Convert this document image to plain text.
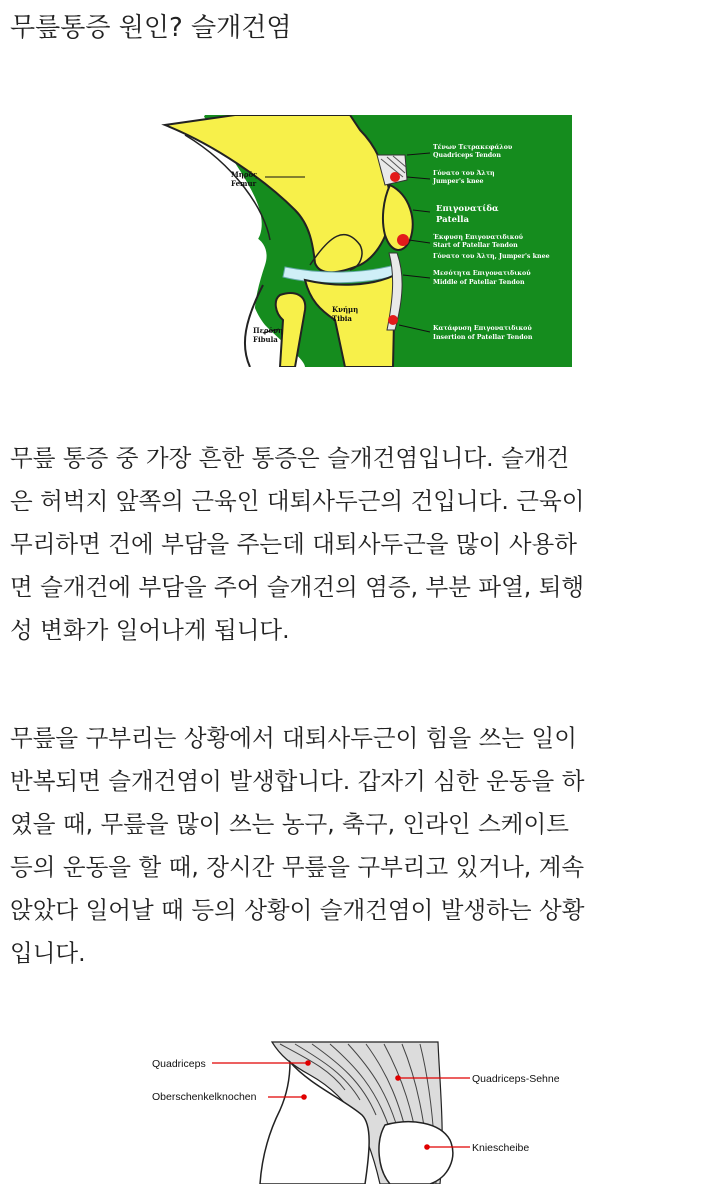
무릎통증 원인? 슬개건염
Μηρός
Femur
Κνήμη
Tibia
Περόνη
Fibula
Τένων Τετρακεφάλου
Quadriceps Tendon
Γόνατο του Άλτη
Jumper's knee
Έκφυση Επιγονατιδικού
Start of Patellar Tendon
Γόνατο του Άλτη, Jumper's knee
Μεσότητα Επιγονατιδικού
Middle of Patellar Tendon
Κατάφυση Επιγονατιδικού
Insertion of Patellar Tendon
Επιγονατίδα
Patella
무릎 통증 중 가장 흔한 통증은 슬개건염입니다. 슬개건
은 허벅지 앞쪽의 근육인 대퇴사두근의 건입니다. 근육이
무리하면 건에 부담을 주는데 대퇴사두근을 많이 사용하
면 슬개건에 부담을 주어 슬개건의 염증, 부분 파열, 퇴행
성 변화가 일어나게 됩니다.
무릎을 구부리는 상황에서 대퇴사두근이 힘을 쓰는 일이
반복되면 슬개건염이 발생합니다. 갑자기 심한 운동을 하
였을 때, 무릎을 많이 쓰는 농구, 축구, 인라인 스케이트
등의 운동을 할 때, 장시간 무릎을 구부리고 있거나, 계속
앉았다 일어날 때 등의 상황이 슬개건염이 발생하는 상황
입니다.
Quadriceps
Oberschenkelknochen
Quadriceps-Sehne
Kniescheibe
